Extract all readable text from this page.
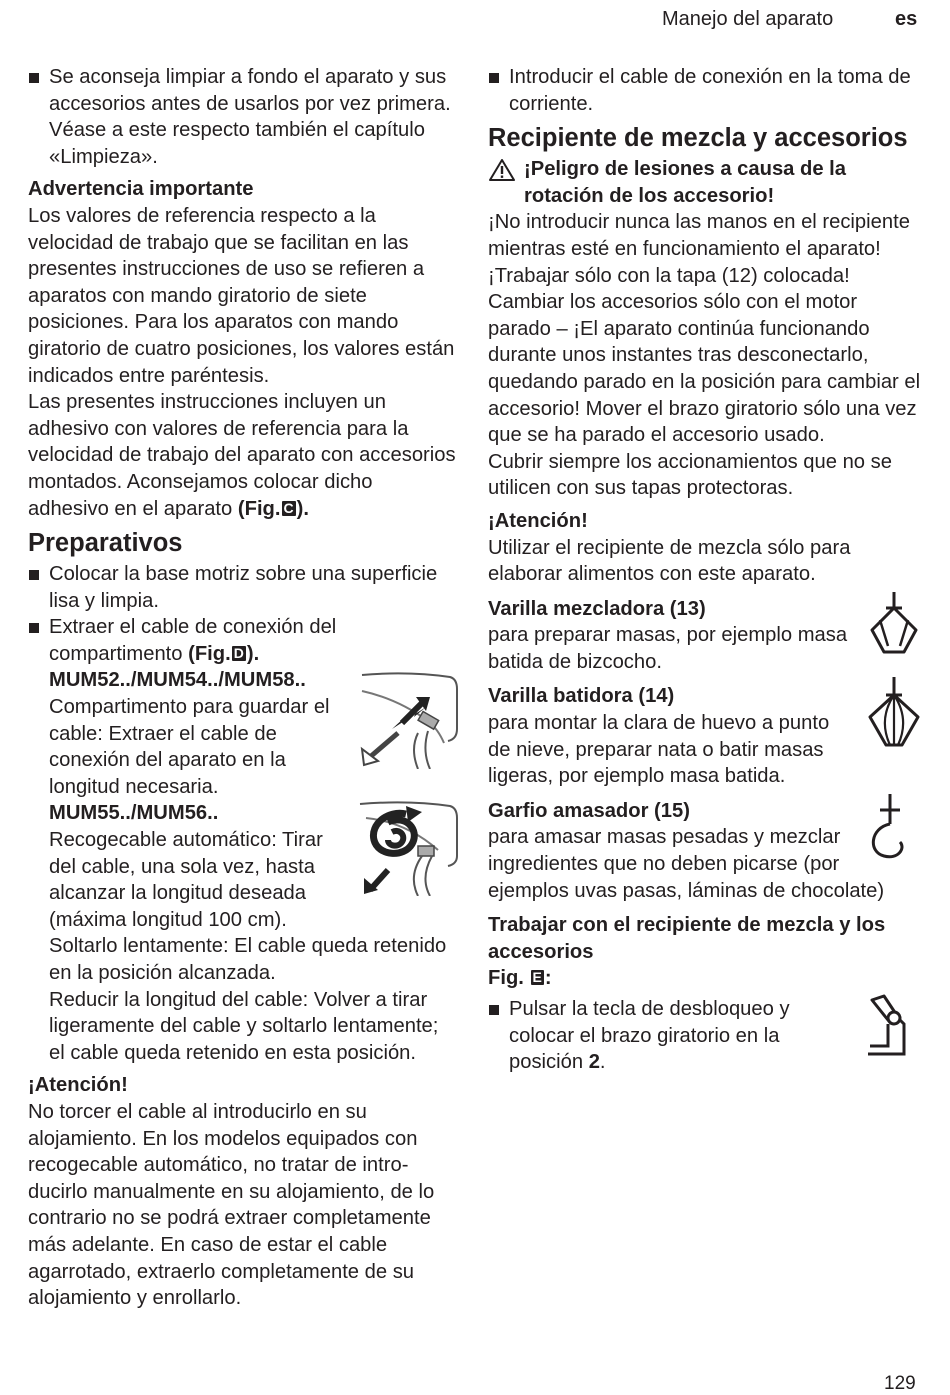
Manejo del aparato	es

Se aconseja limpiar a fondo el aparato y sus accesorios antes de usarlos por vez primera. Véase a este respecto también el capítulo «Limpieza».

Advertencia importante

Los valores de referencia respecto a la velocidad de trabajo que se facilitan en las presentes instrucciones de uso se refieren a aparatos con mando giratorio de siete posiciones. Para los aparatos con mando giratorio de cuatro posiciones, los valores están indicados entre paréntesis.

Las presentes instrucciones incluyen un adhesivo con valores de referencia para la velocidad de trabajo del aparato con accesorios montados. Aconsejamos colocar dicho adhesivo en el aparato (Fig. C ).

Preparativos

Colocar la base motriz sobre una superficie lisa y limpia.

Extraer el cable de conexión del compartimento (Fig. D ).

MUM52../MUM54../MUM58..

Compartimento para guardar el cable: Extraer el cable de conexión del aparato en la longitud necesaria.

MUM55../MUM56..

Recogecable automático: Tirar del cable, una sola vez, hasta alcanzar la longitud deseada (máxima longitud 100 cm).

Soltarlo lentamente: El cable queda retenido en la posición alcanzada.

Reducir la longitud del cable: Volver a tirar ligeramente del cable y soltarlo lentamente; el cable queda retenido en esta posición.

¡Atención!

No torcer el cable al introducirlo en su alojamiento. En los modelos equipados con recogecable automático, no tratar de introducirlo manualmente en su alojamiento, de lo contrario no se podrá extraer completamente más adelante. En caso de estar el cable agarrotado, extraerlo completamente de su alojamiento y enrollarlo.

Introducir el cable de conexión en la toma de corriente.

Recipiente de mezcla y accesorios

¡Peligro de lesiones a causa de la rotación de los accesorio!

¡No introducir nunca las manos en el recipiente mientras esté en funcionamiento el aparato! ¡Trabajar sólo con la tapa (12) colocada!

Cambiar los accesorios sólo con el motor parado – ¡El aparato continúa funcionando durante unos instantes tras desconectarlo, quedando parado en la posición para cambiar el accesorio! Mover el brazo giratorio sólo una vez que se ha parado el accesorio usado.

Cubrir siempre los accionamientos que no se utilicen con sus tapas protectoras.

¡Atención!

Utilizar el recipiente de mezcla sólo para elaborar alimentos con este aparato.

Varilla mezcladora (13)

para preparar masas, por ejemplo masa batida de bizcocho.

Varilla batidora (14)

para montar la clara de huevo a punto de nieve, preparar nata o batir masas ligeras, por ejemplo masa batida.

Garfio amasador (15)

para amasar masas pesadas y mezclar ingredientes que no deben picarse (por ejemplos uvas pasas, láminas de chocolate)

Trabajar con el recipiente de mezcla y los accesorios

Fig. E :

Pulsar la tecla de desbloqueo y colocar el brazo giratorio en la posición 2.

129
